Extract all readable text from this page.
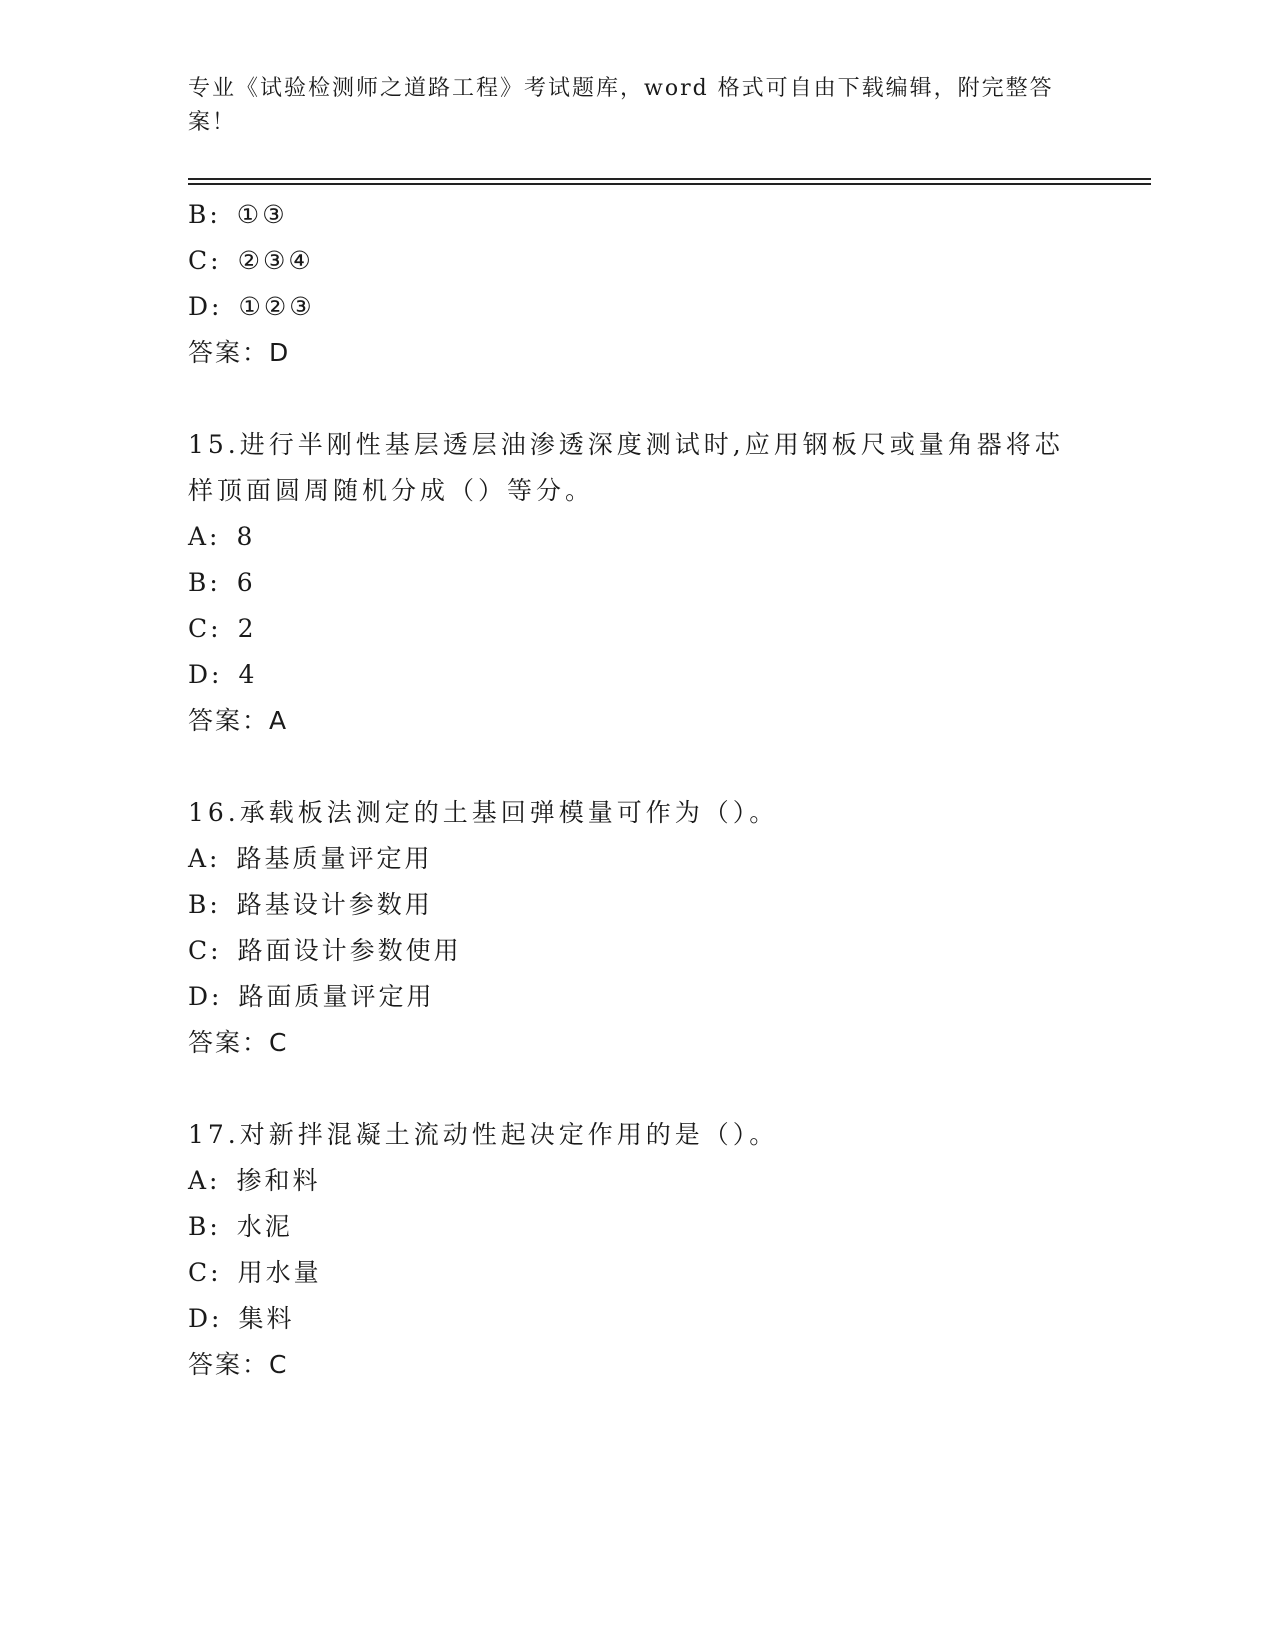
专业《试验检测师之道路工程》考试题库，word 格式可自由下载编辑，附完整答
案！
B: ①③
C: ②③④
D: ①②③
答案：D
15.进行半刚性基层透层油渗透深度测试时,应用钢板尺或量角器将芯
样顶面圆周随机分成（）等分。
A: 8
B: 6
C: 2
D: 4
答案：A
16.承载板法测定的土基回弹模量可作为（）。
A: 路基质量评定用
B: 路基设计参数用
C: 路面设计参数使用
D: 路面质量评定用
答案：C
17.对新拌混凝土流动性起决定作用的是（）。
A: 掺和料
B: 水泥
C: 用水量
D: 集料
答案：C
